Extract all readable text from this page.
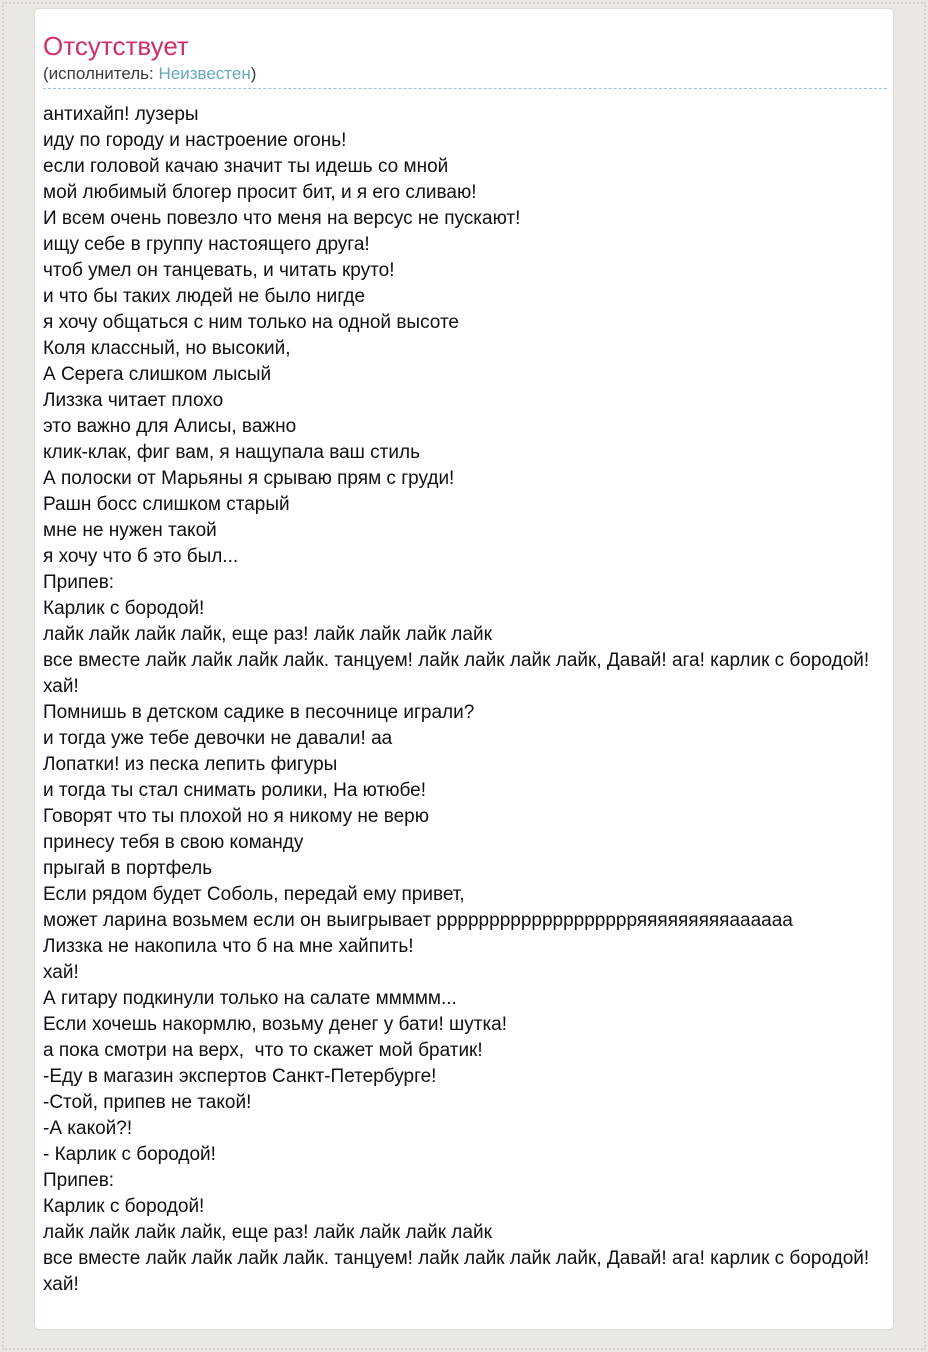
Отсутствует
(исполнитель: Неизвестен)
антихайп! лузеры
иду по городу и настроение огонь!
если головой качаю значит ты идешь со мной
мой любимый блогер просит бит, и я его сливаю!
И всем очень повезло что меня на версус не пускают!
ищу себе в группу настоящего друга!
чтоб умел он танцевать, и читать круто!
и что бы таких людей не было нигде
я хочу общаться с ним только на одной высоте
Коля классный, но высокий,
А Серега слишком лысый
Лиззка читает плохо
это важно для Алисы, важно
клик-клак, фиг вам, я нащупала ваш стиль
А полоски от Марьяны я срываю прям с груди!
Рашн босс слишком старый
мне не нужен такой
я хочу что б это был...
Припев:
Карлик с бородой!
лайк лайк лайк лайк, еще раз! лайк лайк лайк лайк
все вместе лайк лайк лайк лайк. танцуем! лайк лайк лайк лайк, Давай! ага! карлик с бородой!
хай!
Помнишь в детском садике в песочнице играли?
и тогда уже тебе девочки не давали! аа
Лопатки! из песка лепить фигуры
и тогда ты стал снимать ролики, На ютюбе!
Говорят что ты плохой но я никому не верю
принесу тебя в свою команду
прыгай в портфель
Если рядом будет Соболь, передай ему привет,
может ларина возьмем если он выигрывает ррррррррррррррррррряяяяяяяяяаааааа
Лиззка не накопила что б на мне хайпить!
хай!
А гитару подкинули только на салате ммммм...
Если хочешь накормлю, возьму денег у бати! шутка!
а пока смотри на верх,  что то скажет мой братик!
-Еду в магазин экспертов Санкт-Петербурге!
-Стой, припев не такой!
-А какой?!
- Карлик с бородой!
Припев:
Карлик с бородой!
лайк лайк лайк лайк, еще раз! лайк лайк лайк лайк
все вместе лайк лайк лайк лайк. танцуем! лайк лайк лайк лайк, Давай! ага! карлик с бородой!
хай!
